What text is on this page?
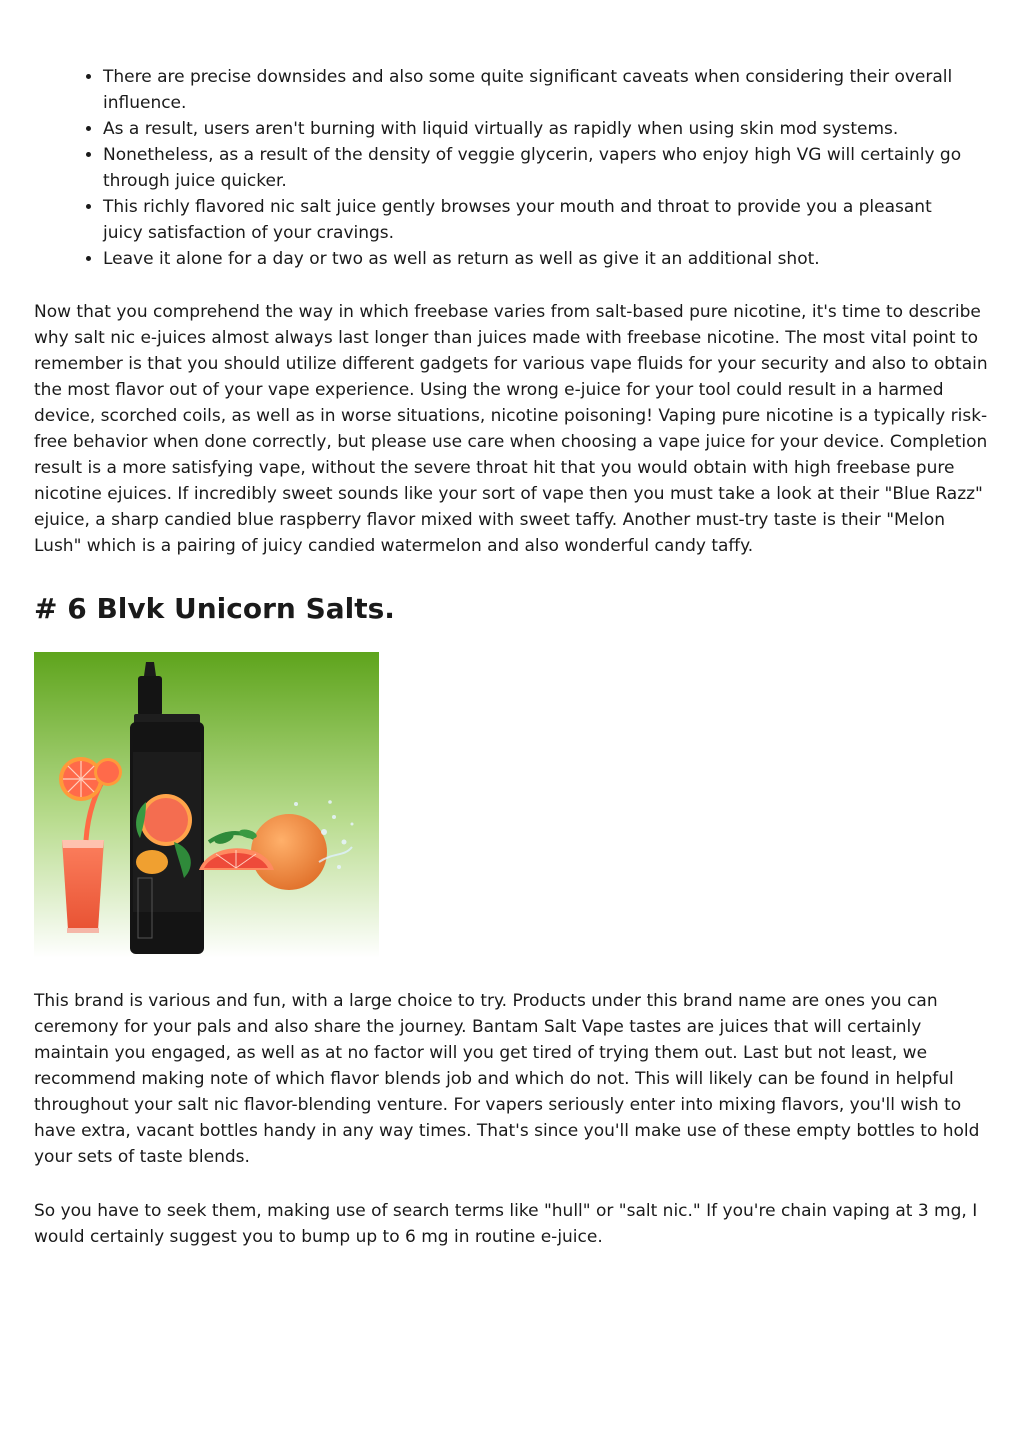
• There are precise downsides and also some quite significant caveats when considering their overall influence.
• As a result, users aren't burning with liquid virtually as rapidly when using skin mod systems.
• Nonetheless, as a result of the density of veggie glycerin, vapers who enjoy high VG will certainly go through juice quicker.
• This richly flavored nic salt juice gently browses your mouth and throat to provide you a pleasant juicy satisfaction of your cravings.
• Leave it alone for a day or two as well as return as well as give it an additional shot.

Now that you comprehend the way in which freebase varies from salt-based pure nicotine, it's time to describe why salt nic e-juices almost always last longer than juices made with freebase nicotine. The most vital point to remember is that you should utilize different gadgets for various vape fluids for your security and also to obtain the most flavor out of your vape experience. Using the wrong e-juice for your tool could result in a harmed device, scorched coils, as well as in worse situations, nicotine poisoning! Vaping pure nicotine is a typically risk-free behavior when done correctly, but please use care when choosing a vape juice for your device. Completion result is a more satisfying vape, without the severe throat hit that you would obtain with high freebase pure nicotine ejuices. If incredibly sweet sounds like your sort of vape then you must take a look at their "Blue Razz" ejuice, a sharp candied blue raspberry flavor mixed with sweet taffy. Another must-try taste is their "Melon Lush" which is a pairing of juicy candied watermelon and also wonderful candy taffy.

# 6 Blvk Unicorn Salts.

This brand is various and fun, with a large choice to try. Products under this brand name are ones you can ceremony for your pals and also share the journey. Bantam Salt Vape tastes are juices that will certainly maintain you engaged, as well as at no factor will you get tired of trying them out. Last but not least, we recommend making note of which flavor blends job and which do not. This will likely can be found in helpful throughout your salt nic flavor-blending venture. For vapers seriously enter into mixing flavors, you'll wish to have extra, vacant bottles handy in any way times. That's since you'll make use of these empty bottles to hold your sets of taste blends.

So you have to seek them, making use of search terms like "hull" or "salt nic." If you're chain vaping at 3 mg, I would certainly suggest you to bump up to 6 mg in routine e-juice.
